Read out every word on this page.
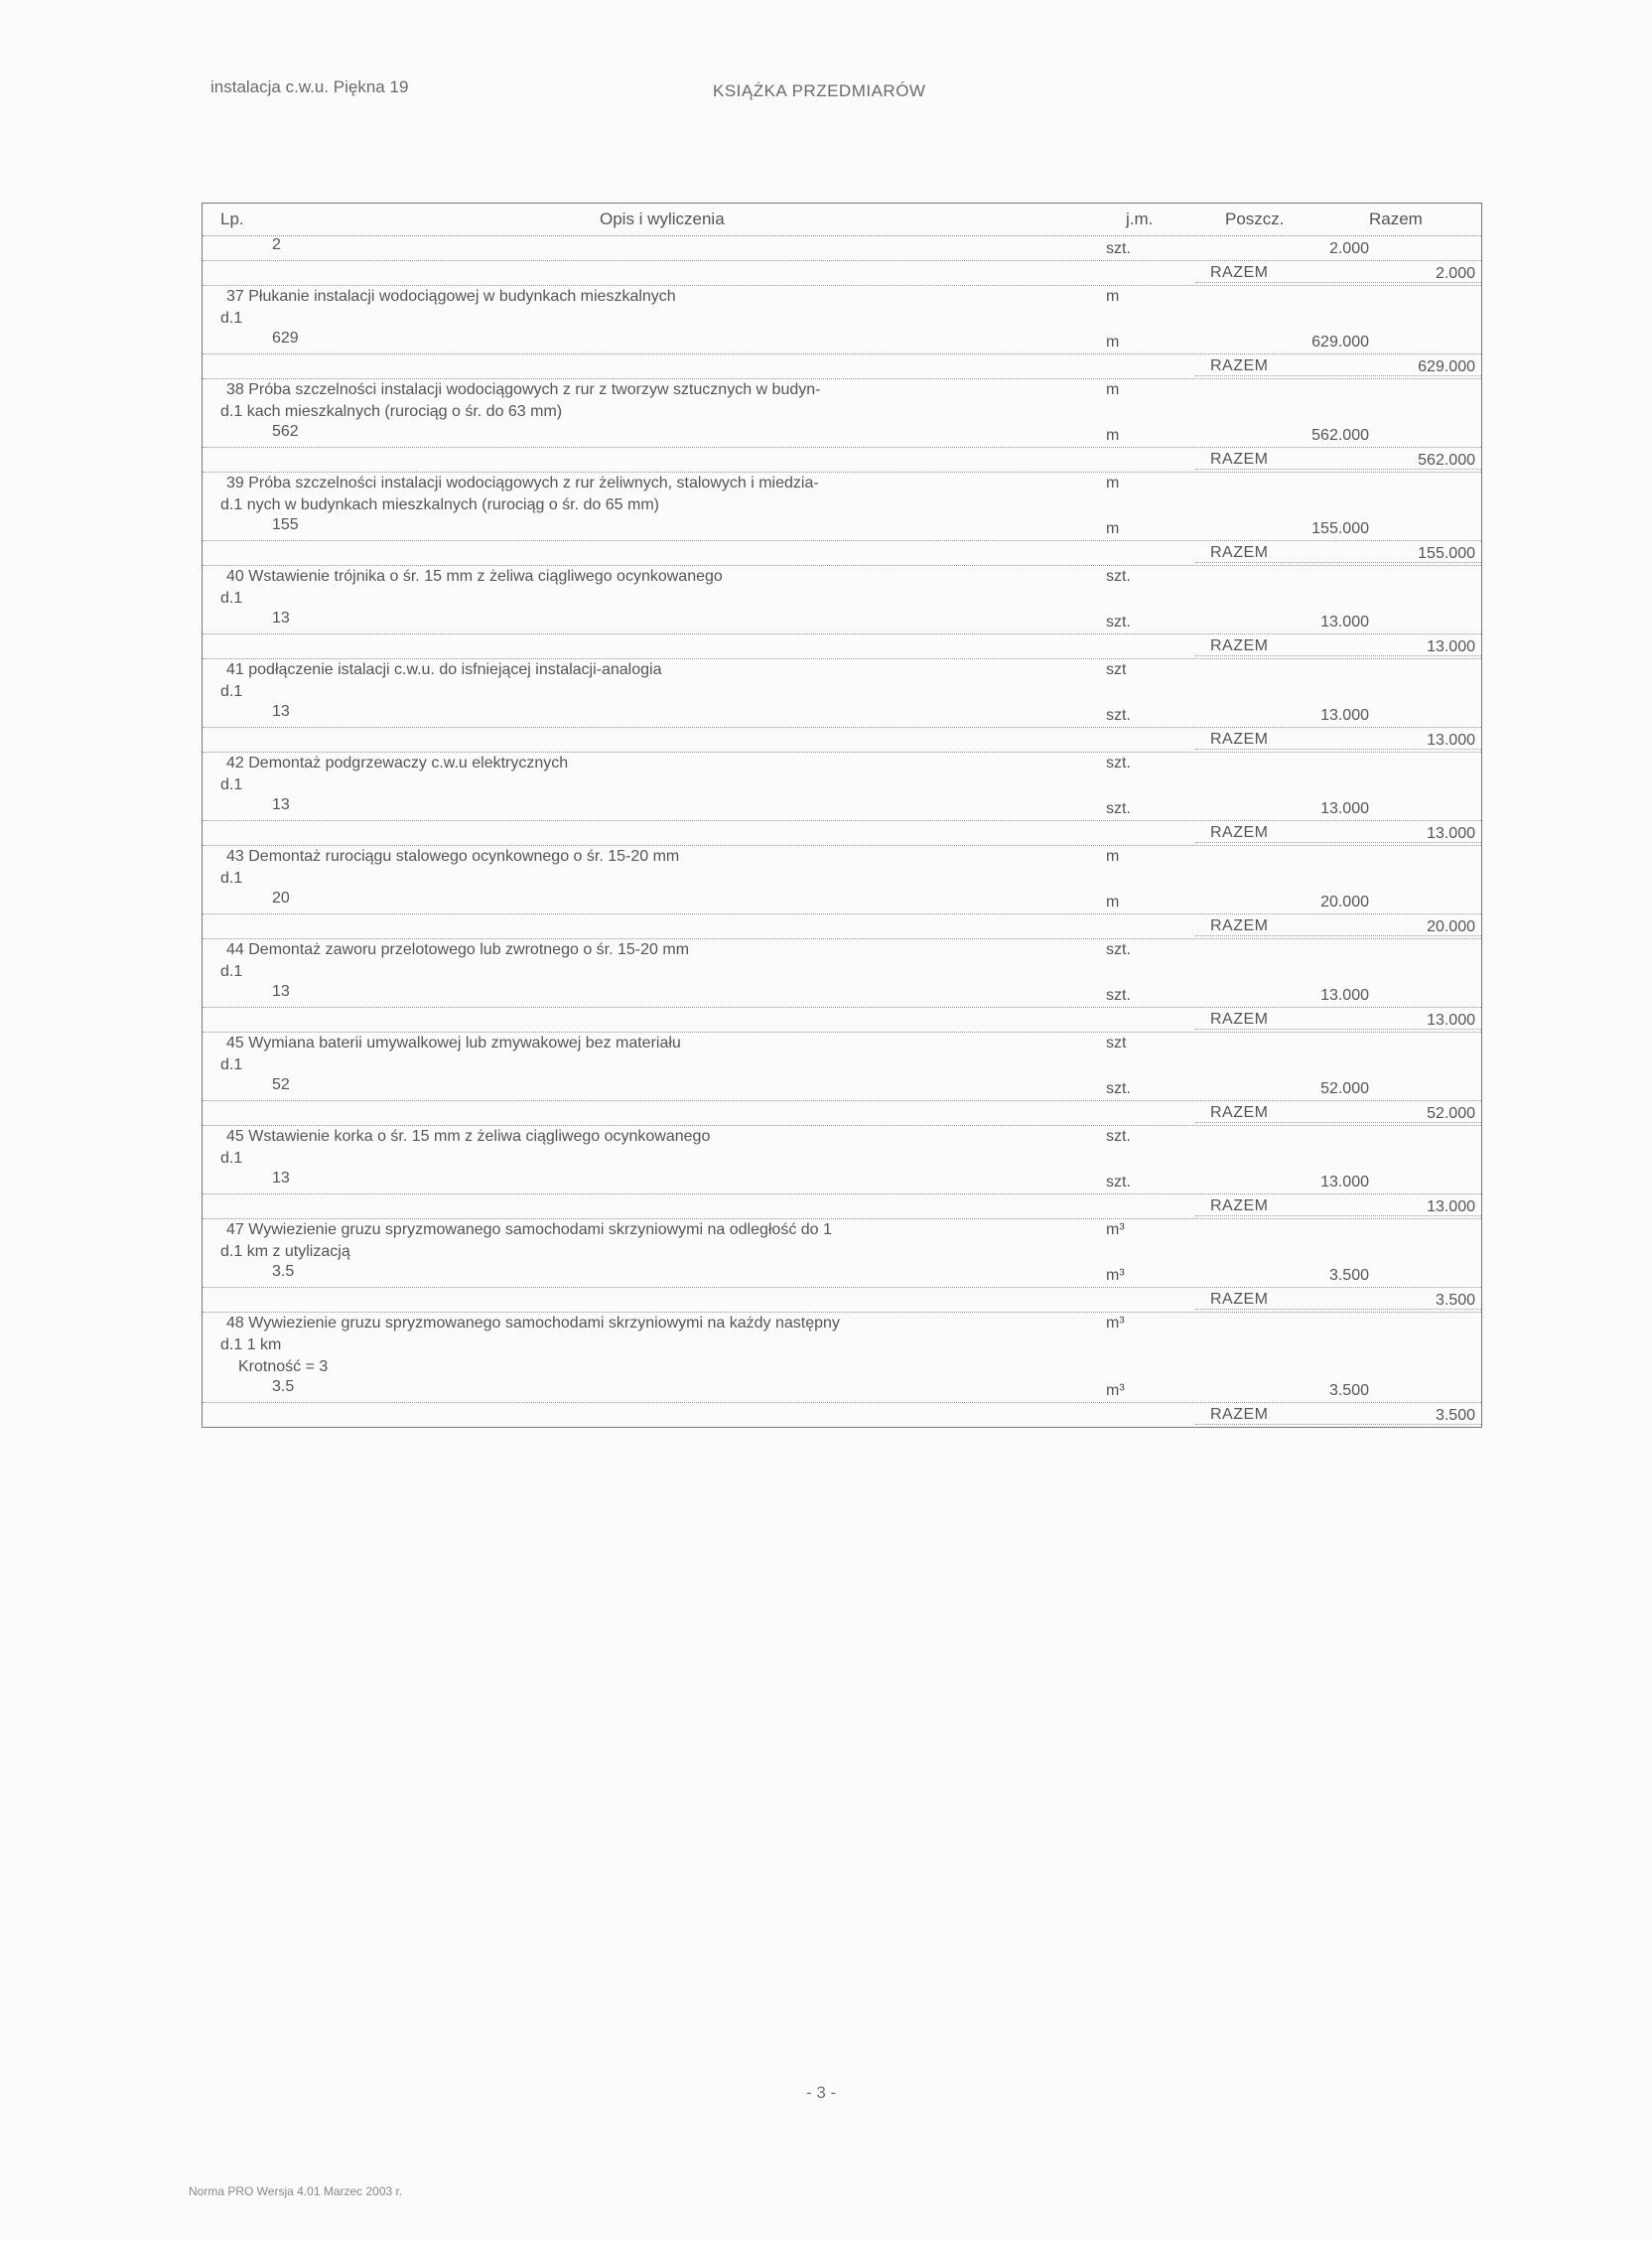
instalacja c.w.u. Piękna 19	KSIĄŻKA PRZEDMIARÓW
Lp.	Opis i wyliczenia	j.m.	Poszcz.	Razem
2	szt.	2.000
RAZEM	2.000
37 Płukanie instalacji wodociągowej w budynkach mieszkalnych	m
d.1
629	m	629.000
RAZEM	629.000
38 Próba szczelności instalacji wodociągowych z rur z tworzyw sztucznych w budyn-	m
d.1 kach mieszkalnych (rurociąg o śr. do 63 mm)
562	m	562.000
RAZEM	562.000
39 Próba szczelności instalacji wodociągowych z rur żeliwnych, stalowych i miedzia-	m
d.1 nych w budynkach mieszkalnych (rurociąg o śr. do 65 mm)
155	m	155.000
RAZEM	155.000
40 Wstawienie trójnika o śr. 15 mm z żeliwa ciągliwego ocynkowanego	szt.
d.1
13	szt.	13.000
RAZEM	13.000
41 podłączenie istalacji c.w.u. do isfniejącej instalacji-analogia	szt
d.1
13	szt.	13.000
RAZEM	13.000
42 Demontaż podgrzewaczy c.w.u elektrycznych	szt.
d.1
13	szt.	13.000
RAZEM	13.000
43 Demontaż rurociągu stalowego ocynkownego o śr. 15-20 mm	m
d.1
20	m	20.000
RAZEM	20.000
44 Demontaż zaworu przelotowego lub zwrotnego o śr. 15-20 mm	szt.
d.1
13	szt.	13.000
RAZEM	13.000
45 Wymiana baterii umywalkowej lub zmywakowej bez materiału	szt
d.1
52	szt.	52.000
RAZEM	52.000
45 Wstawienie korka o śr. 15 mm z żeliwa ciągliwego ocynkowanego	szt.
d.1
13	szt.	13.000
RAZEM	13.000
47 Wywiezienie gruzu spryzmowanego samochodami skrzyniowymi na odległość do 1	m³
d.1 km z utylizacją
3.5	m³	3.500
RAZEM	3.500
48 Wywiezienie gruzu spryzmowanego samochodami skrzyniowymi na każdy następny	m³
d.1 1 km
Krotność = 3
3.5	m³	3.500
RAZEM	3.500
- 3 -
Norma PRO Wersja 4.01 Marzec 2003 r.
